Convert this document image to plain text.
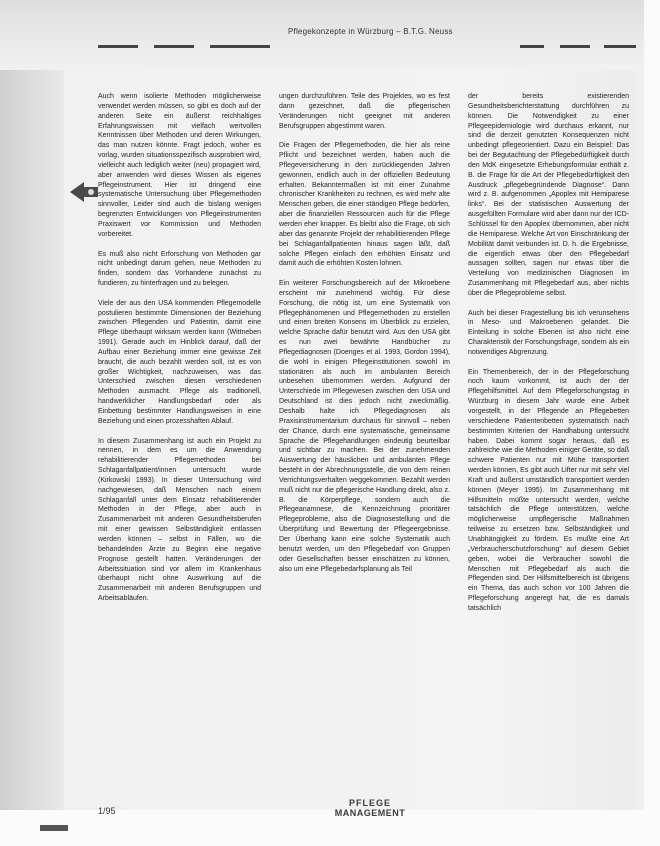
Pflegekonzepte in Würzburg – B.T.G. Neuss

Auch wenn isolierte Methoden möglicherweise verwendet werden müssen, so gibt es doch auf der anderen Seite ein äußerst reichhaltiges Erfahrungswissen mit vielfach wertvollen Kenntnissen über Methoden und deren Wirkungen, das man nutzen könnte. Fragt jedoch, woher es vorlag, wurden situationsspezifisch ausprobiert wird, vielleicht auch lediglich weiter (neu) propagiert wird, aber anwenden wird dieses Wissen als eigenes Pflegeinstrument. Hier ist dringend eine systematische Untersuchung über Pflegemethoden sinnvoller, Leider sind auch die bislang wenigen begrenzten Entwicklungen von Pflegeinstrumenten Praxiswert vor Kommission und Methoden vorbereitet.

Es muß also nicht Erforschung von Methoden gar nicht unbedingt darum gehen, neue Methoden zu finden, sondern das Vorhandene zunächst zu fundieren, zu hinterfragen und zu belegen.

Viele der aus den USA kommenden Pflegemodelle postulieren bestimmte Dimensionen der Beziehung zwischen Pflegenden und Patientin, damit eine Pflege überhaupt wirksam werden kann (Wittneben 1991). Gerade auch im Hinblick darauf, daß der Aufbau einer Beziehung immer eine gewisse Zeit braucht, die auch bezahlt werden soll, ist es von großer Wichtigkeit, nachzuweisen, was das Unterschied zwischen diesen verschiedenen Methoden ausmacht. Pflege als traditionell, handwerklicher Handlungsbedarf oder als Einbettung bestimmter Handlungsweisen in eine Beziehung und einen prozesshaften Ablauf.

In diesem Zusammenhang ist auch ein Projekt zu nennen, in dem es um die Anwendung rehabilitierender Pflegemethoden bei Schlaganfallpatient/innen untersucht wurde (Kirkowski 1993). In dieser Untersuchung wird nachgewiesen, daß Menschen nach einem Schlaganfall unter dem Einsatz rehabilitierender Methoden in der Pflege, aber auch in Zusammenarbeit mit anderen Gesundheitsberufen mit einer gewissen Selbständigkeit entlassen werden können – selbst in Fällen, wo die behandelnden Ärzte zu Beginn eine negative Prognose gestellt hatten. Veränderungen der Arbeitssituation sind vor allem im Krankenhaus überhaupt nicht ohne Auswirkung auf die Zusammenarbeit mit anderen Berufsgruppen und Arbeitsabläufen.

ungen durchzuführen. Teile des Projektes, wo es fest dann gezeichnet, daß die pflegerischen Veränderungen nicht geeignet mit anderen Berufsgruppen abgestimmt waren.

Die Fragen der Pflegemethoden, die hier als reine Pflicht und bezeichnet werden, haben auch die Pflegeversicherung in den zurückliegenden Jahren gewonnen, endlich auch in der offiziellen Bedeutung erhalten. Bekanntermaßen ist mit einer Zunahme chronischer Krankheiten zu rechnen, es wird mehr alte Menschen geben, die einer ständigen Pflege bedürfen, aber die finanziellen Ressourcen auch für die Pflege werden eher knapper. Es bleibt also die Frage, ob sich aber das genannte Projekt der rehabilitierenden Pflege bei Schlaganfallpatienten hinaus sagen läßt, daß solche Pflegen einfach den erhöhten Einsatz und damit auch die erhöhten Kosten lohnen.

Ein weiterer Forschungsbereich auf der Mikroebene erscheint mir zunehmend wichtig. Für diese Forschung, die nötig ist, um eine Systematik von Pflegephänomenen und Pflegemethoden zu erstellen und einen breiten Konsens im Überblick zu erzielen, welche Sprache dafür benutzt wird. Aus den USA gibt es nun zwei bewährte Handbücher zu Pflegediagnosen (Doenges et al. 1993, Gordon 1994), die wohl in einigen Pflegeinstitutionen sowohl im stationären als auch im ambulanten Bereich unbesehen übernommen werden. Aufgrund der Unterschiede im Pflegewesen zwischen den USA und Deutschland ist dies jedoch nicht zweckmäßig. Deshalb halte ich Pflegediagnosen als Praxisinstrumentarium durchaus für sinnvoll – neben der Chance, durch eine systematische, gemeinsame Sprache die Pflegehandlungen eindeutig beurteilbar und sichtbar zu machen. Bei der zunehmenden Auswertung der häuslichen und ambulanten Pflege besteht in der Abrechnungsstelle, die von dem reinen Verrichtungsverhalten weggekommen. Bezahlt werden muß nicht nur die pflegerische Handlung direkt, also z. B. die Körperpflege, sondern auch die Pflegeanamnese, die Kennzeichnung prioritärer Pflegeprobleme, also die Diagnosestellung und die Überprüfung und Bewertung der Pflegeergebnisse. Der Überhang kann eine solche Systematik auch benutzt werden, um den Pflegebedarf von Gruppen oder Gesellschaften besser einschätzen zu können, also um eine Pflegebedarfsplanung als Teil

der bereits existierenden Gesundheitsberichterstattung durchführen zu können. Die Notwendigkeit zu einer Pflegeepidemiologie wird durchaus erkannt, nur sind die derzeit genutzten Konsequenzen nicht unbedingt pflegeorientiert. Dazu ein Beispiel: Das bei der Begutachtung der Pflegebedürftigkeit durch den MdK eingesetzte Erhebungsformular enthält z. B. die Frage für die Art der Pflegebedürftigkeit den Ausdruck „pflegebegründende Diagnose“. Dann wird z. B. aufgenommen „Apoplex mit Hemiparese links“. Bei der statistischen Auswertung der ausgefüllten Formulare wird aber dann nur der ICD-Schlüssel für den Apoplex übernommen, aber nicht die Hemiparese. Welche Art von Einschränkung der Mobilität damit verbunden ist. D. h. die Ergebnisse, die eigentlich etwas über den Pflegebedarf aussagen sollten, sagen nur etwas über die Verteilung von medizinischen Diagnosen im Zusammenhang mit Pflegebedarf aus, aber nichts über die Pflegeprobleme selbst.

Auch bei dieser Fragestellung bis ich verunsehens in Meso- und Makroebenen gelandet. Die Einteilung in solche Ebenen ist also nicht eine Charakteristik der Forschungsfrage, sondern als ein notwendiges Abgrenzung.

Ein Themenbereich, der in der Pflegeforschung noch kaum vorkommt, ist auch der der Pflegehilfsmittel. Auf dem Pflegeforschungstag in Würzburg in diesem Jahr wurde eine Arbeit vorgestellt, in der Pflegende an Pflegebetten verschiedene Patientenbetten systematisch nach bestimmten Kriterien der Handhabung untersucht haben. Dabei kommt sogar heraus, daß es zahlreiche wie die Methoden einiger Geräte, so daß schwere Patienten nur mit Mühe transportiert werden können, Es gibt auch Lifter nur mit sehr viel Kraft und äußerst umständlich transportiert werden können (Meyer 1995). Im Zusammenhang mit Hilfsmitteln müßte untersucht werden, welche tatsächlich die Pflege unterstützen, welche möglicherweise umpflegerische Maßnahmen teilweise zu ersetzen bzw. Selbständigkeit und Unabhängigkeit zu fördern. Es mußte eine Art „Verbraucherschutzforschung“ auf diesem Gebiet geben, wobei die Verbraucher sowohl die Menschen mit Pflegebedarf als auch die Pflegenden sind. Der Hilfsmittelbereich ist übrigens ein Thema, das auch schon vor 100 Jahren die Pflegeforschung angeregt hat, die es damals tatsächlich

1/95
PFLEGE
MANAGEMENT
